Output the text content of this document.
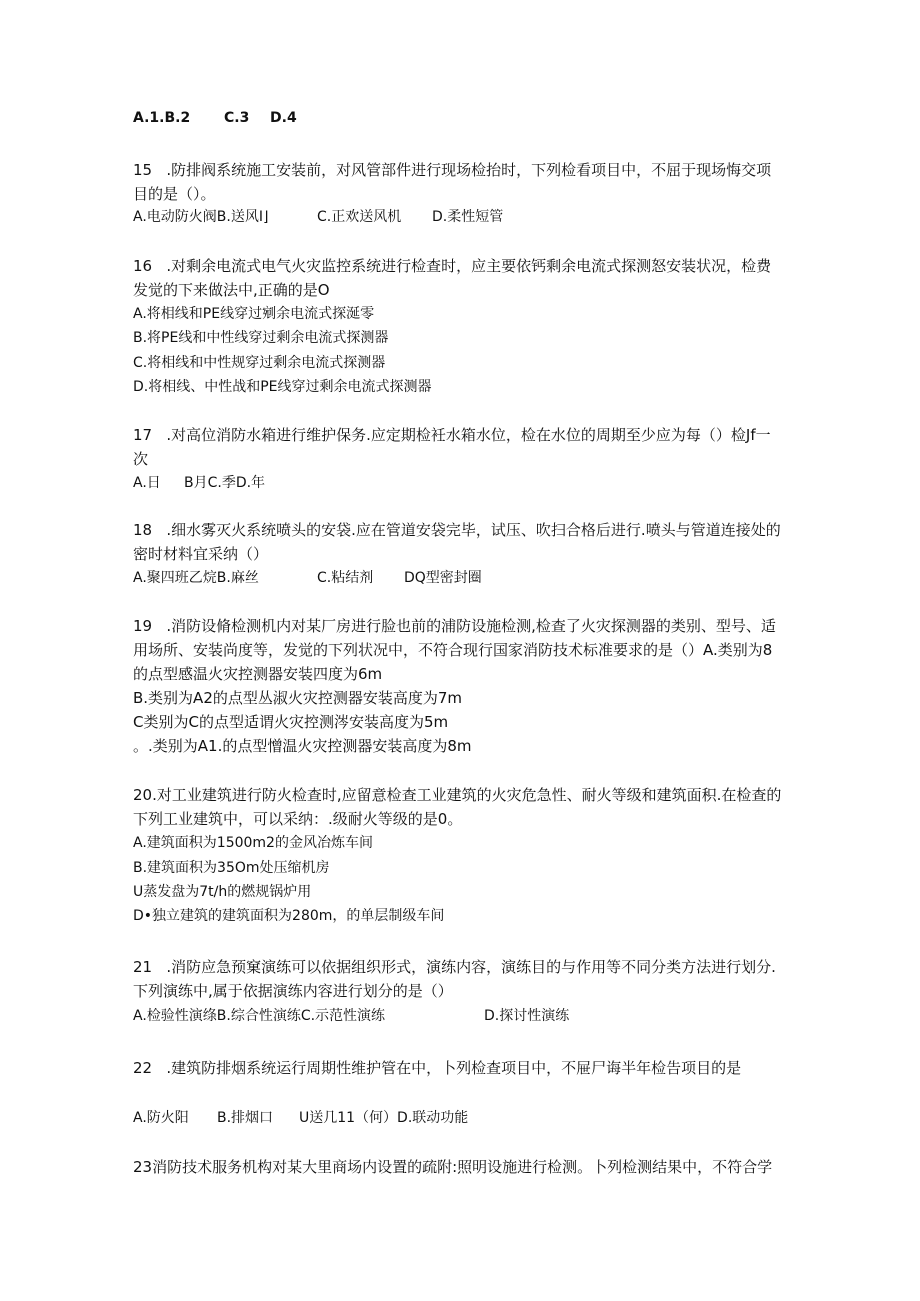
A.1.B.2 C.3 D.4
15   .防排阀系统施工安装前，对风管部件进行现场检抬时，下列检看项目中，不屈于现场悔交项
目的是（）。
A.电动防火阀B.送风I⌋	C.正欢送风机 D.柔性短管
16   .对剩余电流式电气火灾监控系统进行检查时，应主要依钙剩余电流式探测怒安装状况，检费
发觉的下来做法中,正确的是O
A.将相线和PE线穿过剜余电流式探涎零
B.将PE线和中性线穿过剩余电流式探测器
C.将相线和中性规穿过剩余电流式探测器
D.将相线、中性战和PE线穿过剩余电流式探测器
17   .对高位消防水箱进行维护保务.应定期检衽水箱水位，检在水位的周期至少应为每（）检Jf一
次
A.日 B月C.季D.年
18   .细水雾灭火系统喷头的安袋.应在管道安袋完毕，试压、吹扫合格后进行.喷头与管道连接处的
密时材料宜采纳（）
A.聚四班乙烷B.麻丝	C.粘结剂 DQ型密封圈
19   .消防设脩检测机内对某厂房进行脸也前的浦防设施检测,检查了火灾探测器的类别、型号、适
用场所、安装尚度等，发觉的下列状况中，不符合现行国家消防技术标准要求的是（）A.类别为8
的点型感温火灾控测器安装四度为6m
B.类别为A2的点型丛淑火灾控测器安装高度为7m
C类别为C的点型适谓火灾控测涔安装高度为5m
。.类别为A1.的点型憎温火灾控测器安装高度为8m
20.对工业建筑进行防火检查时,应留意检查工业建筑的火灾危急性、耐火等级和建筑面积.在检查的
下列工业建筑中，可以采纳：.级耐火等级的是0。
A.建筑面积为1500m2的金风冶炼车间
B.建筑面积为35Om处压缩机房
U蒸发盘为7t∕h的燃规锅炉用
D•独立建筑的建筑面积为280m，的单层制级车间
21   .消防应急预窠演练可以依据组织形式，演练内容，演练目的与作用等不同分类方法进行划分.
下列演练中,属于依据演练内容进行划分的是（）
A.检验性演绦B.综合性演练C.示范性演练	D.探讨性演练
22   .建筑防排烟系统运行周期性维护管在中，卜列检查项目中，不屉尸诲半年检告项目的是
A.防火阳 B.排烟口 U送几11（何）D.联动功能
23消防技术服务机构对某大里商场内设置的疏附:照明设施进行检测。卜列检测结果中，不符合学
